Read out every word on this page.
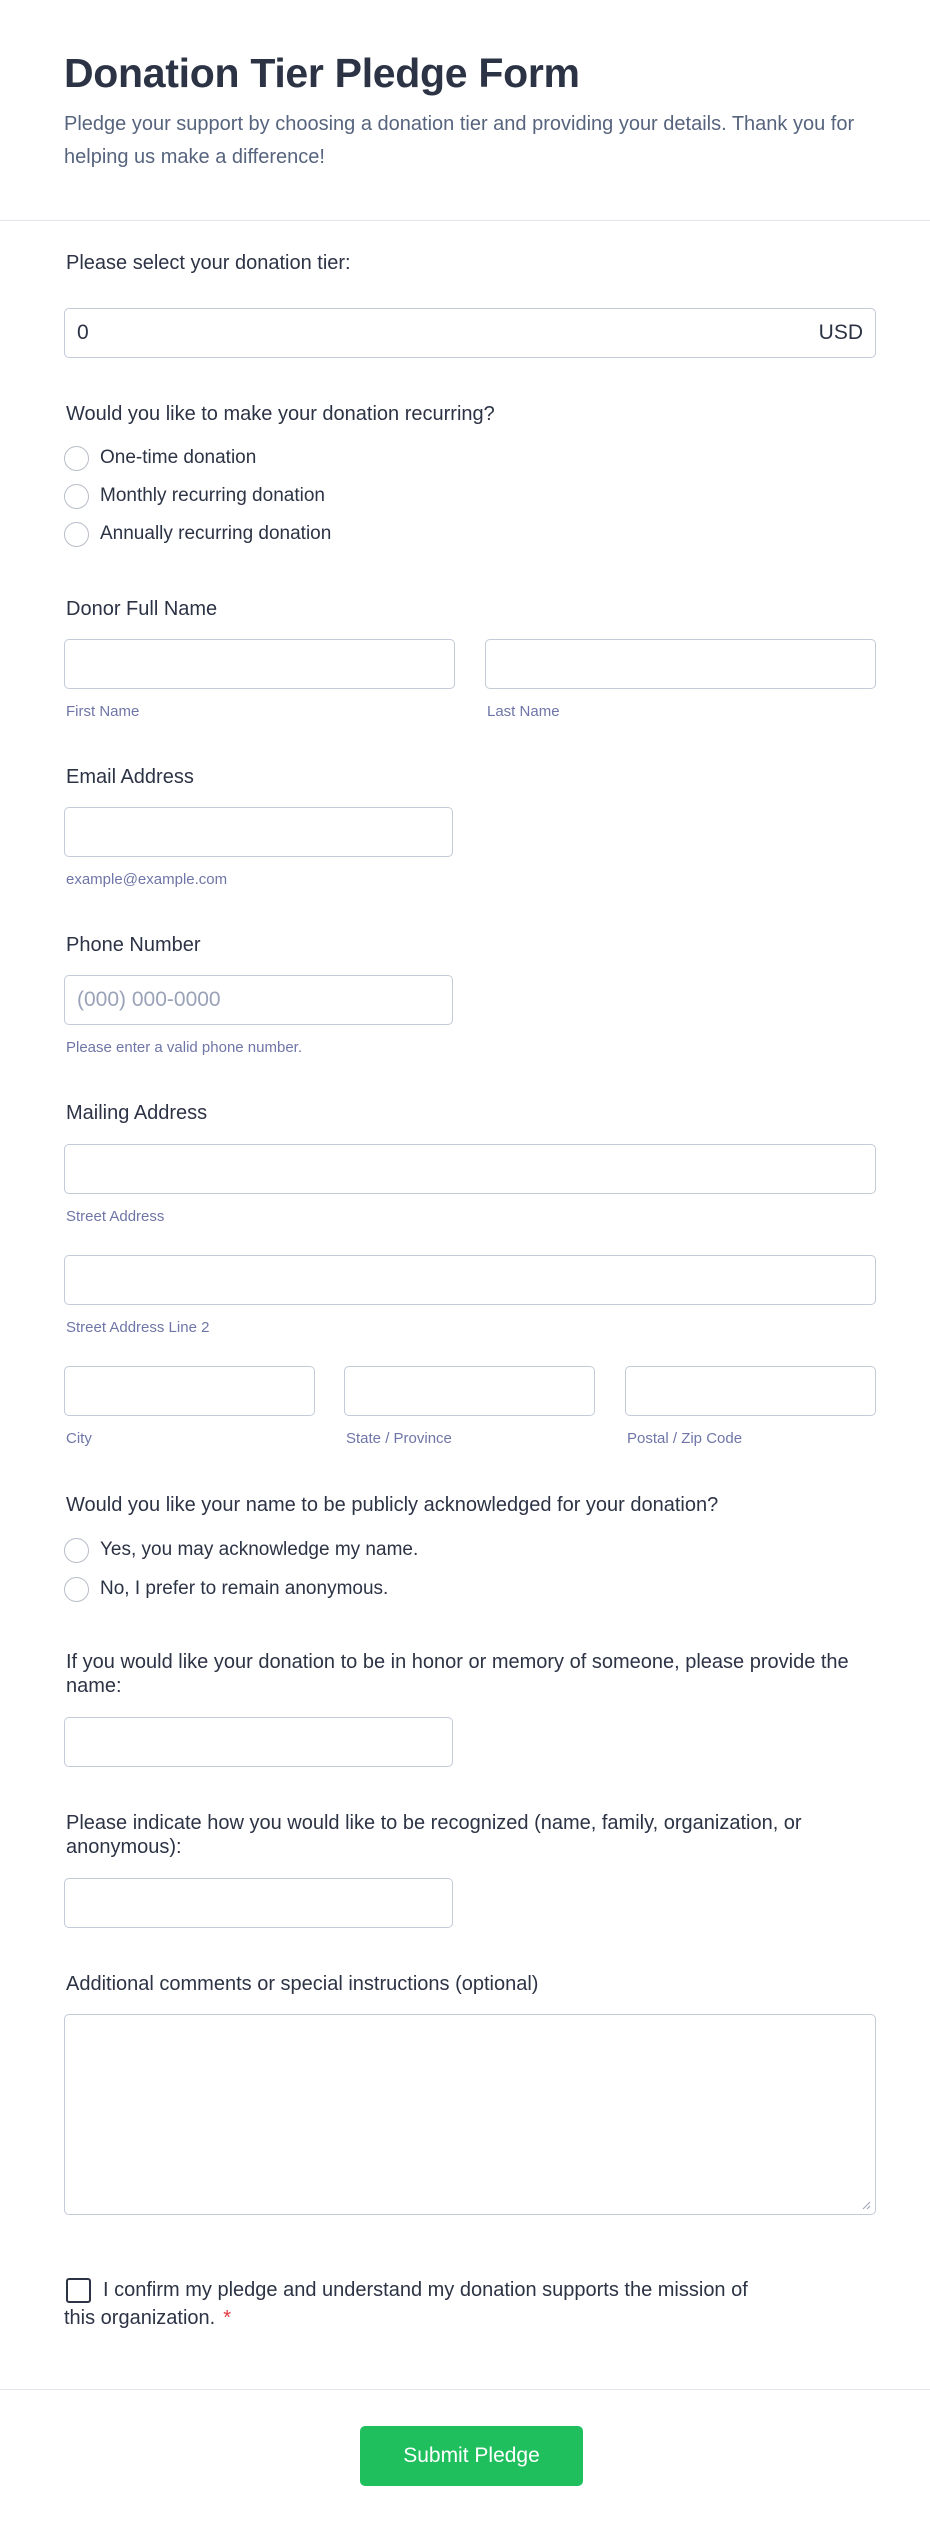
Donation Tier Pledge Form
Pledge your support by choosing a donation tier and providing your details. Thank you for helping us make a difference!
Please select your donation tier:
0	USD
Would you like to make your donation recurring?
One-time donation
Monthly recurring donation
Annually recurring donation
Donor Full Name
First Name	Last Name
Email Address
example@example.com
Phone Number
(000) 000-0000
Please enter a valid phone number.
Mailing Address
Street Address
Street Address Line 2
City	State / Province	Postal / Zip Code
Would you like your name to be publicly acknowledged for your donation?
Yes, you may acknowledge my name.
No, I prefer to remain anonymous.
If you would like your donation to be in honor or memory of someone, please provide the name:
Please indicate how you would like to be recognized (name, family, organization, or anonymous):
Additional comments or special instructions (optional)
I confirm my pledge and understand my donation supports the mission of this organization. *
Submit Pledge
